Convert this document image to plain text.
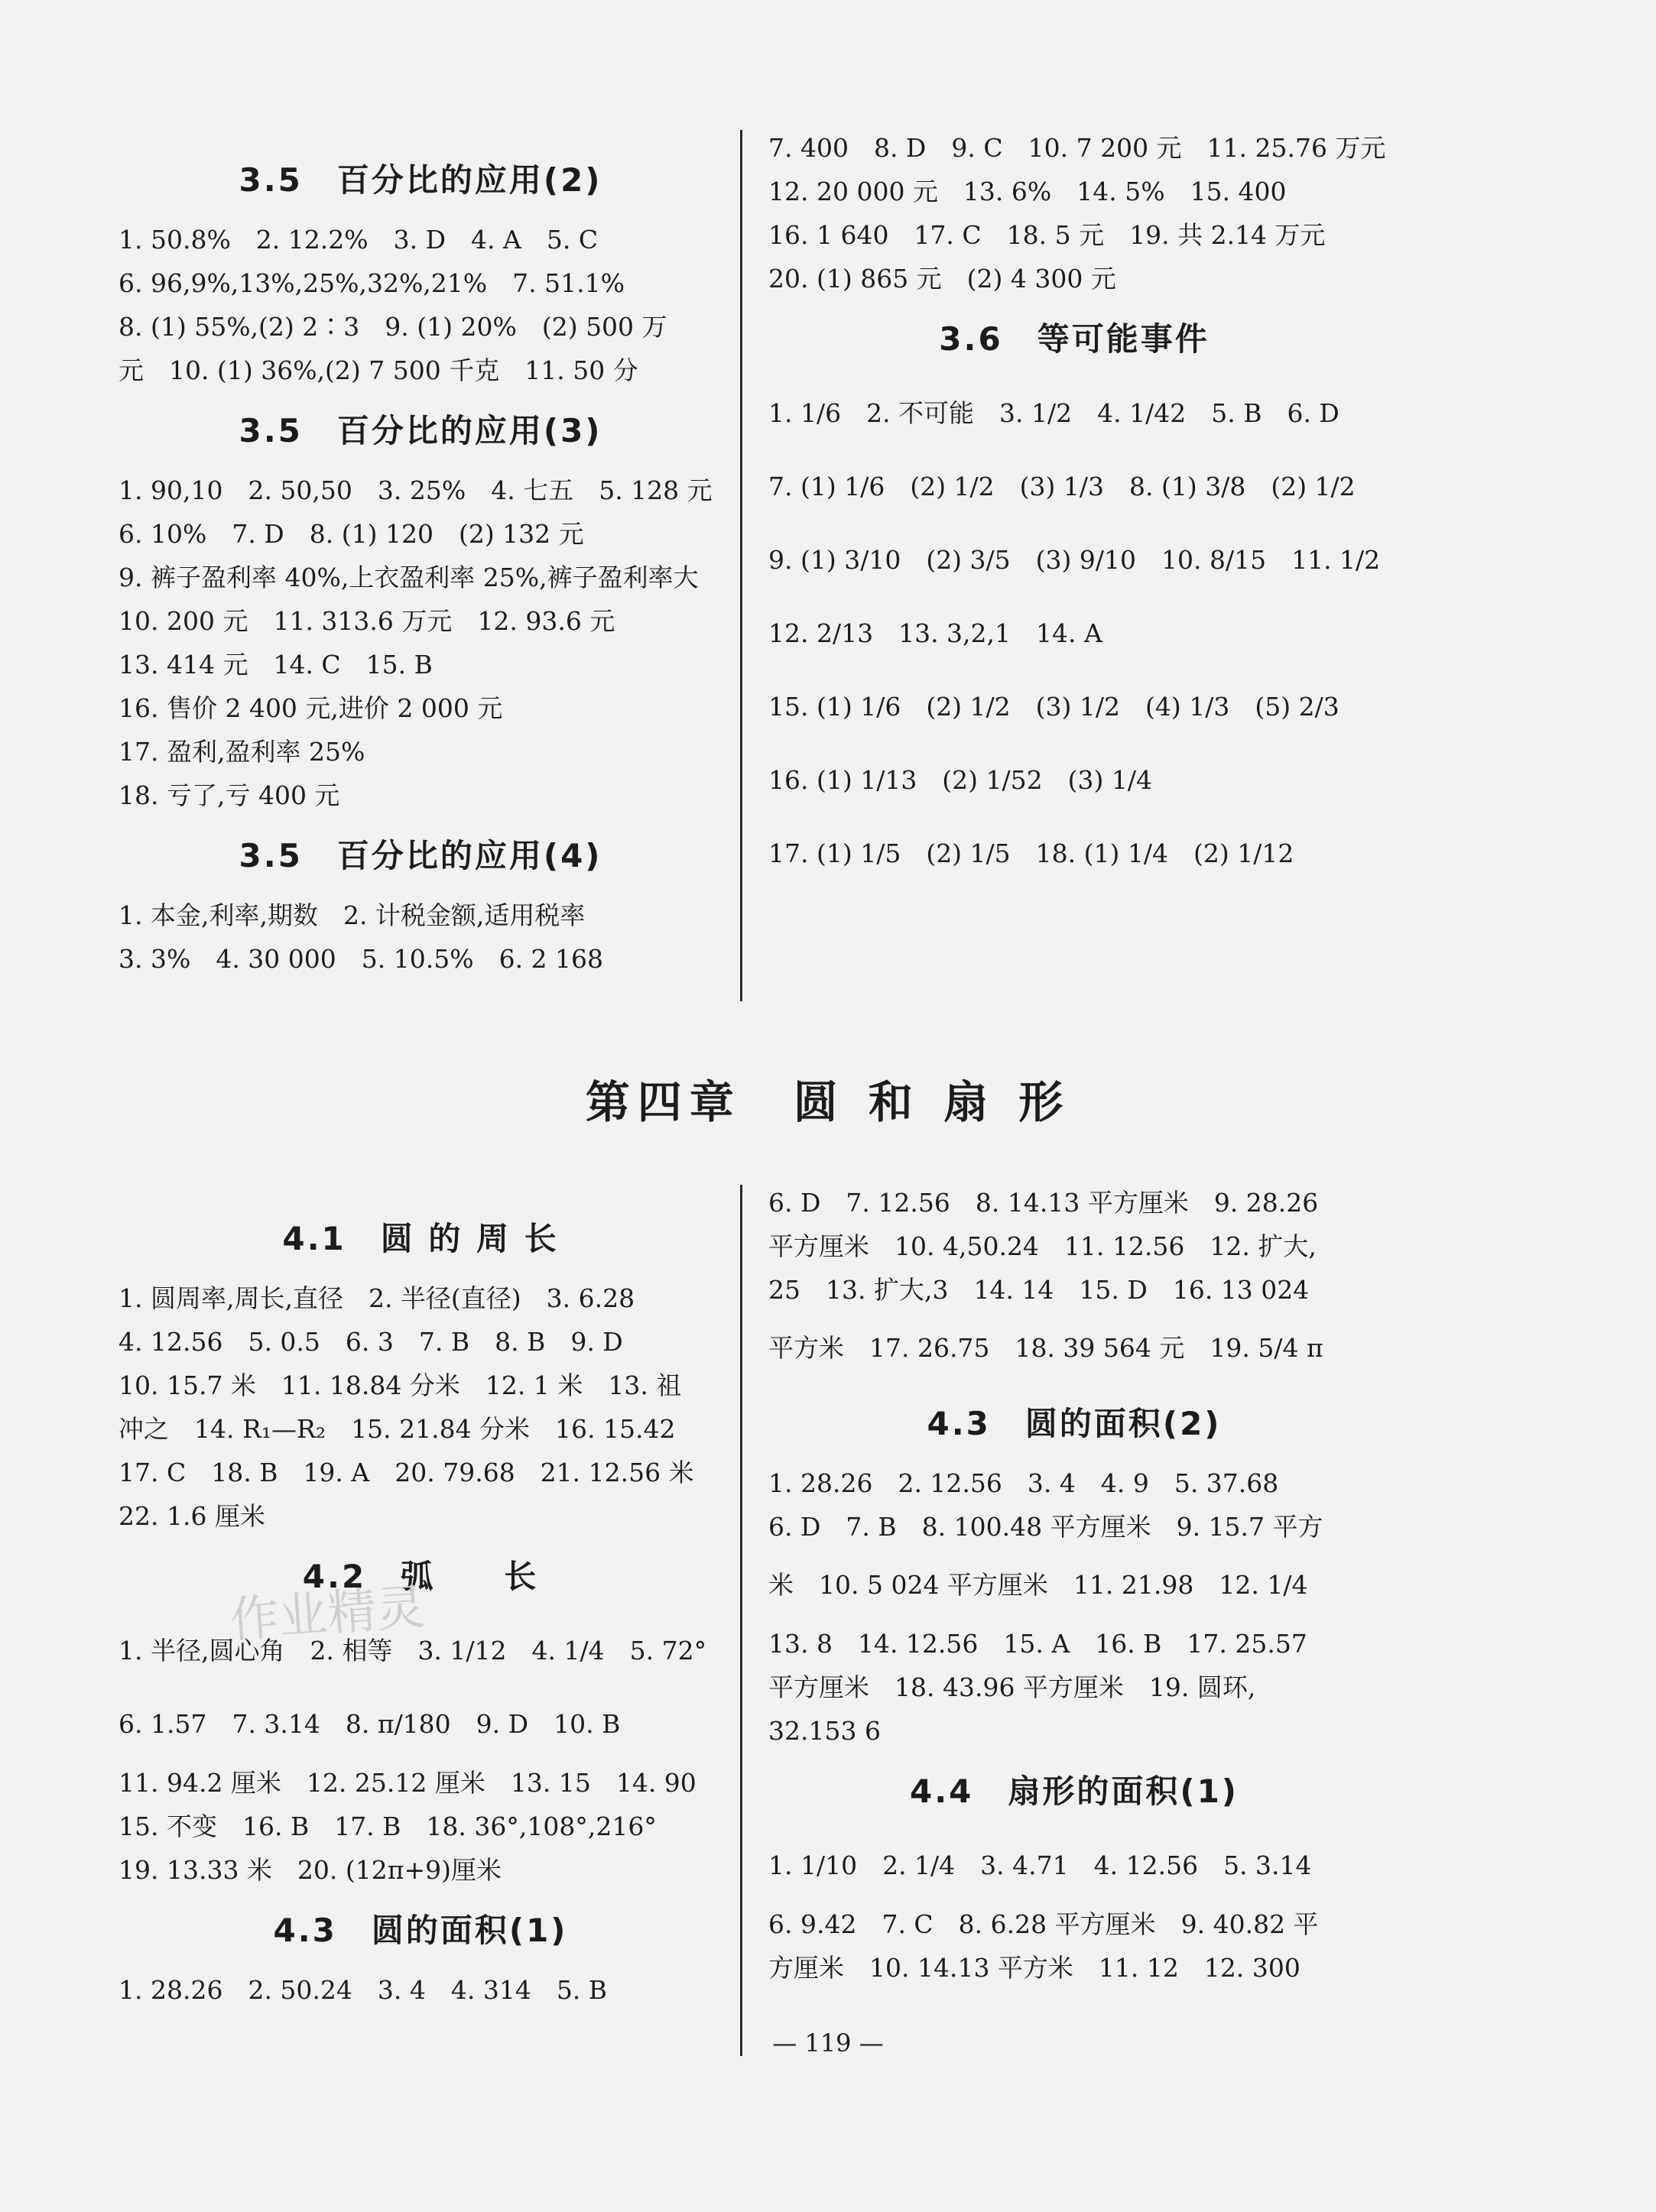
3.5　百分比的应用(2)

1. 50.8%　2. 12.2%　3. D　4. A　5. C

6. 96,9%,13%,25%,32%,21%　7. 51.1%

8. (1) 55%,(2) 2∶3　9. (1) 20%　(2) 500 万

元　10. (1) 36%,(2) 7 500 千克　11. 50 分

3.5　百分比的应用(3)

1. 90,10　2. 50,50　3. 25%　4. 七五　5. 128 元

6. 10%　7. D　8. (1) 120　(2) 132 元

9. 裤子盈利率 40%,上衣盈利率 25%,裤子盈利率大

10. 200 元　11. 313.6 万元　12. 93.6 元

13. 414 元　14. C　15. B

16. 售价 2 400 元,进价 2 000 元

17. 盈利,盈利率 25%

18. 亏了,亏 400 元

3.5　百分比的应用(4)

1. 本金,利率,期数　2. 计税金额,适用税率

3. 3%　4. 30 000　5. 10.5%　6. 2 168

7. 400　8. D　9. C　10. 7 200 元　11. 25.76 万元

12. 20 000 元　13. 6%　14. 5%　15. 400

16. 1 640　17. C　18. 5 元　19. 共 2.14 万元

20. (1) 865 元　(2) 4 300 元

3.6　等可能事件

1. 1/6　2. 不可能　3. 1/2　4. 1/42　5. B　6. D

7. (1) 1/6　(2) 1/2　(3) 1/3　8. (1) 3/8　(2) 1/2

9. (1) 3/10　(2) 3/5　(3) 9/10　10. 8/15　11. 1/2

12. 2/13　13. 3,2,1　14. A

15. (1) 1/6　(2) 1/2　(3) 1/2　(4) 1/3　(5) 2/3

16. (1) 1/13　(2) 1/52　(3) 1/4

17. (1) 1/5　(2) 1/5　18. (1) 1/4　(2) 1/12

第四章　圆 和 扇 形
4.1　圆 的 周 长

1. 圆周率,周长,直径　2. 半径(直径)　3. 6.28

4. 12.56　5. 0.5　6. 3　7. B　8. B　9. D

10. 15.7 米　11. 18.84 分米　12. 1 米　13. 祖

冲之　14. R₁—R₂　15. 21.84 分米　16. 15.42

17. C　18. B　19. A　20. 79.68　21. 12.56 米

22. 1.6 厘米

4.2　弧　　长

1. 半径,圆心角　2. 相等　3. 1/12　4. 1/4　5. 72°

6. 1.57　7. 3.14　8. π/180　9. D　10. B

11. 94.2 厘米　12. 25.12 厘米　13. 15　14. 90

15. 不变　16. B　17. B　18. 36°,108°,216°

19. 13.33 米　20. (12π+9)厘米

4.3　圆的面积(1)

1. 28.26　2. 50.24　3. 4　4. 314　5. B

6. D　7. 12.56　8. 14.13 平方厘米　9. 28.26

平方厘米　10. 4,50.24　11. 12.56　12. 扩大,

25　13. 扩大,3　14. 14　15. D　16. 13 024

平方米　17. 26.75　18. 39 564 元　19. 5/4 π

4.3　圆的面积(2)

1. 28.26　2. 12.56　3. 4　4. 9　5. 37.68

6. D　7. B　8. 100.48 平方厘米　9. 15.7 平方

米　10. 5 024 平方厘米　11. 21.98　12. 1/4

13. 8　14. 12.56　15. A　16. B　17. 25.57

平方厘米　18. 43.96 平方厘米　19. 圆环,

32.153 6

4.4　扇形的面积(1)

1. 1/10　2. 1/4　3. 4.71　4. 12.56　5. 3.14

6. 9.42　7. C　8. 6.28 平方厘米　9. 40.82 平

方厘米　10. 14.13 平方米　11. 12　12. 300

作业精灵
— 119 —
